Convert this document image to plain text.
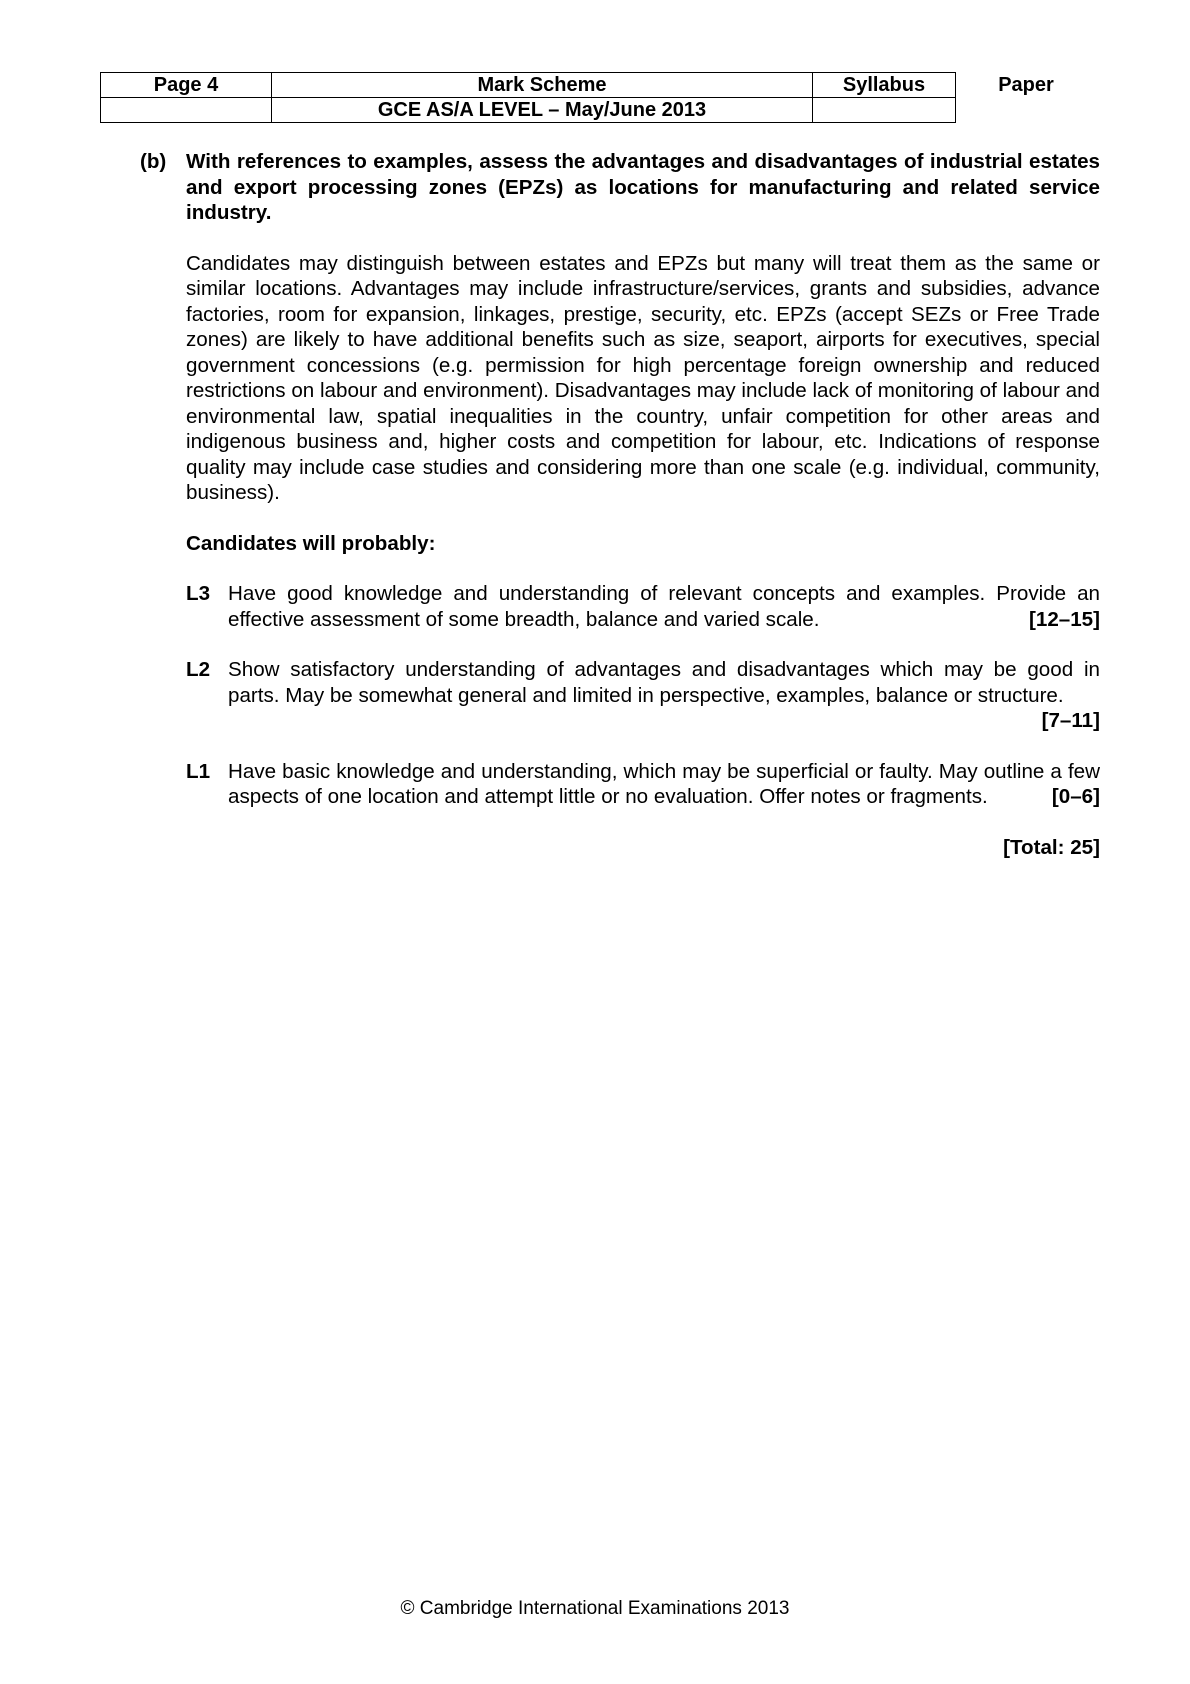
Page 4	Mark Scheme	Syllabus	Paper
	GCE AS/A LEVEL – May/June 2013		
(b) With references to examples, assess the advantages and disadvantages of industrial estates and export processing zones (EPZs) as locations for manufacturing and related service industry.
Candidates may distinguish between estates and EPZs but many will treat them as the same or similar locations. Advantages may include infrastructure/services, grants and subsidies, advance factories, room for expansion, linkages, prestige, security, etc. EPZs (accept SEZs or Free Trade zones) are likely to have additional benefits such as size, seaport, airports for executives, special government concessions (e.g. permission for high percentage foreign ownership and reduced restrictions on labour and environment). Disadvantages may include lack of monitoring of labour and environmental law, spatial inequalities in the country, unfair competition for other areas and indigenous business and, higher costs and competition for labour, etc. Indications of response quality may include case studies and considering more than one scale (e.g. individual, community, business).
Candidates will probably:
L3 Have good knowledge and understanding of relevant concepts and examples. Provide an effective assessment of some breadth, balance and varied scale.	[12–15]
L2 Show satisfactory understanding of advantages and disadvantages which may be good in parts. May be somewhat general and limited in perspective, examples, balance or structure.
[7–11]
L1 Have basic knowledge and understanding, which may be superficial or faulty. May outline a few aspects of one location and attempt little or no evaluation. Offer notes or fragments.	[0–6]
[Total: 25]
© Cambridge International Examinations 2013
